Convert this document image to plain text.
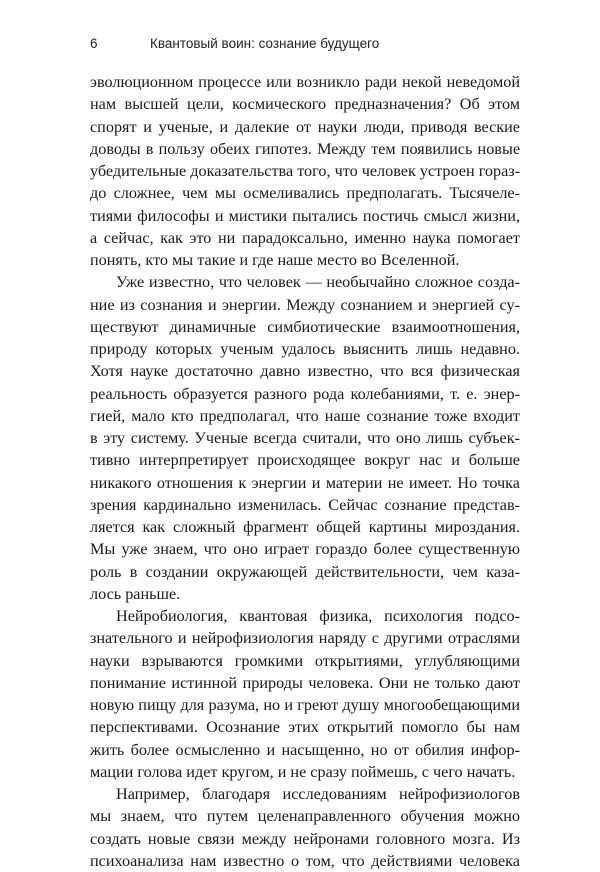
6	Квантовый воин: сознание будущего
эволюционном процессе или возникло ради некой неведомой
нам высшей цели, космического предназначения? Об этом
спорят и ученые, и далекие от науки люди, приводя веские
доводы в пользу обеих гипотез. Между тем появились новые
убедительные доказательства того, что человек устроен гораз-
до сложнее, чем мы осмеливались предполагать. Тысячеле-
тиями философы и мистики пытались постичь смысл жизни,
а сейчас, как это ни парадоксально, именно наука помогает
понять, кто мы такие и где наше место во Вселенной.
Уже известно, что человек — необычайно сложное созда-
ние из сознания и энергии. Между сознанием и энергией су-
ществуют динамичные симбиотические взаимоотношения,
природу которых ученым удалось выяснить лишь недавно.
Хотя науке достаточно давно известно, что вся физическая
реальность образуется разного рода колебаниями, т. е. энер-
гией, мало кто предполагал, что наше сознание тоже входит
в эту систему. Ученые всегда считали, что оно лишь субъек-
тивно интерпретирует происходящее вокруг нас и больше
никакого отношения к энергии и материи не имеет. Но точка
зрения кардинально изменилась. Сейчас сознание представ-
ляется как сложный фрагмент общей картины мироздания.
Мы уже знаем, что оно играет гораздо более существенную
роль в создании окружающей действительности, чем каза-
лось раньше.
Нейробиология, квантовая физика, психология подсо-
знательного и нейрофизиология наряду с другими отраслями
науки взрываются громкими открытиями, углубляющими
понимание истинной природы человека. Они не только дают
новую пищу для разума, но и греют душу многообещающими
перспективами. Осознание этих открытий помогло бы нам
жить более осмысленно и насыщенно, но от обилия инфор-
мации голова идет кругом, и не сразу поймешь, с чего начать.
Например, благодаря исследованиям нейрофизиологов
мы знаем, что путем целенаправленного обучения можно
создать новые связи между нейронами головного мозга. Из
психоанализа нам известно о том, что действиями человека
